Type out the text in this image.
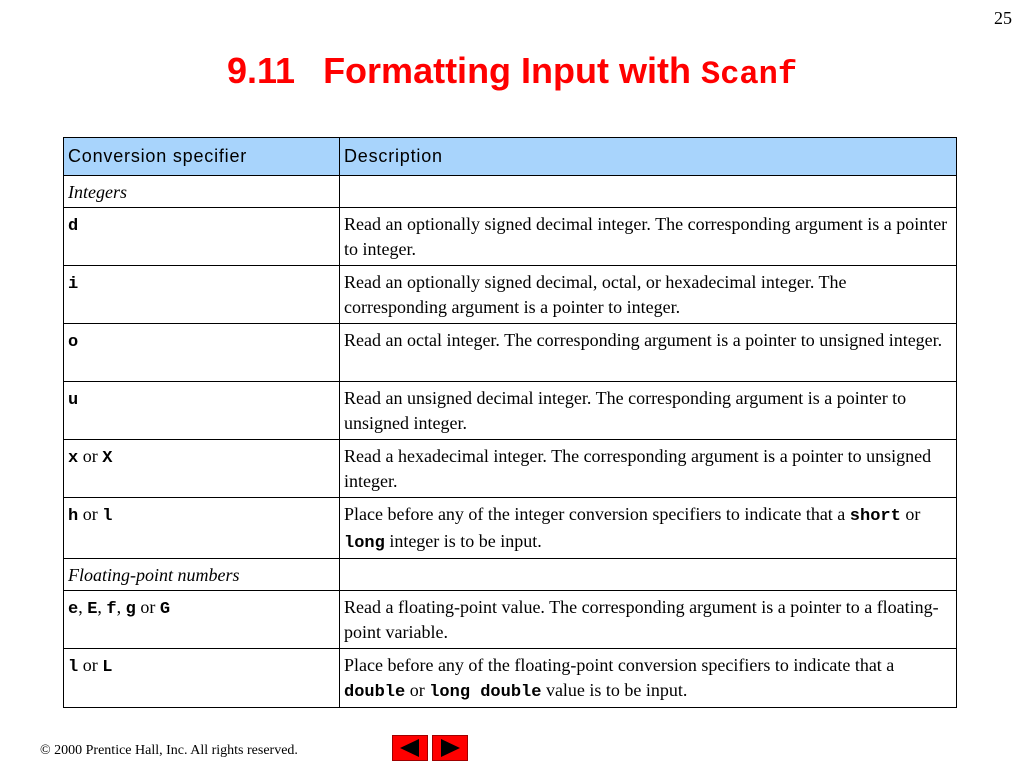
25
9.11 Formatting Input with Scanf
Conversion specifier	Description
Integers	
d	Read an optionally signed decimal integer. The corresponding argument is a pointer to integer.
i	Read an optionally signed decimal, octal, or hexadecimal integer. The corresponding argument is a pointer to integer.
o	Read an octal integer. The corresponding argument is a pointer to unsigned integer.
u	Read an unsigned decimal integer. The corresponding argument is a pointer to unsigned integer.
x or X	Read a hexadecimal integer. The corresponding argument is a pointer to unsigned integer.
h or l	Place before any of the integer conversion specifiers to indicate that a short or long integer is to be input.
Floating-point numbers	
e, E, f, g or G	Read a floating-point value. The corresponding argument is a pointer to a floating-point variable.
l or L	Place before any of the floating-point conversion specifiers to indicate that a double or long double value is to be input.
© 2000 Prentice Hall, Inc. All rights reserved.
